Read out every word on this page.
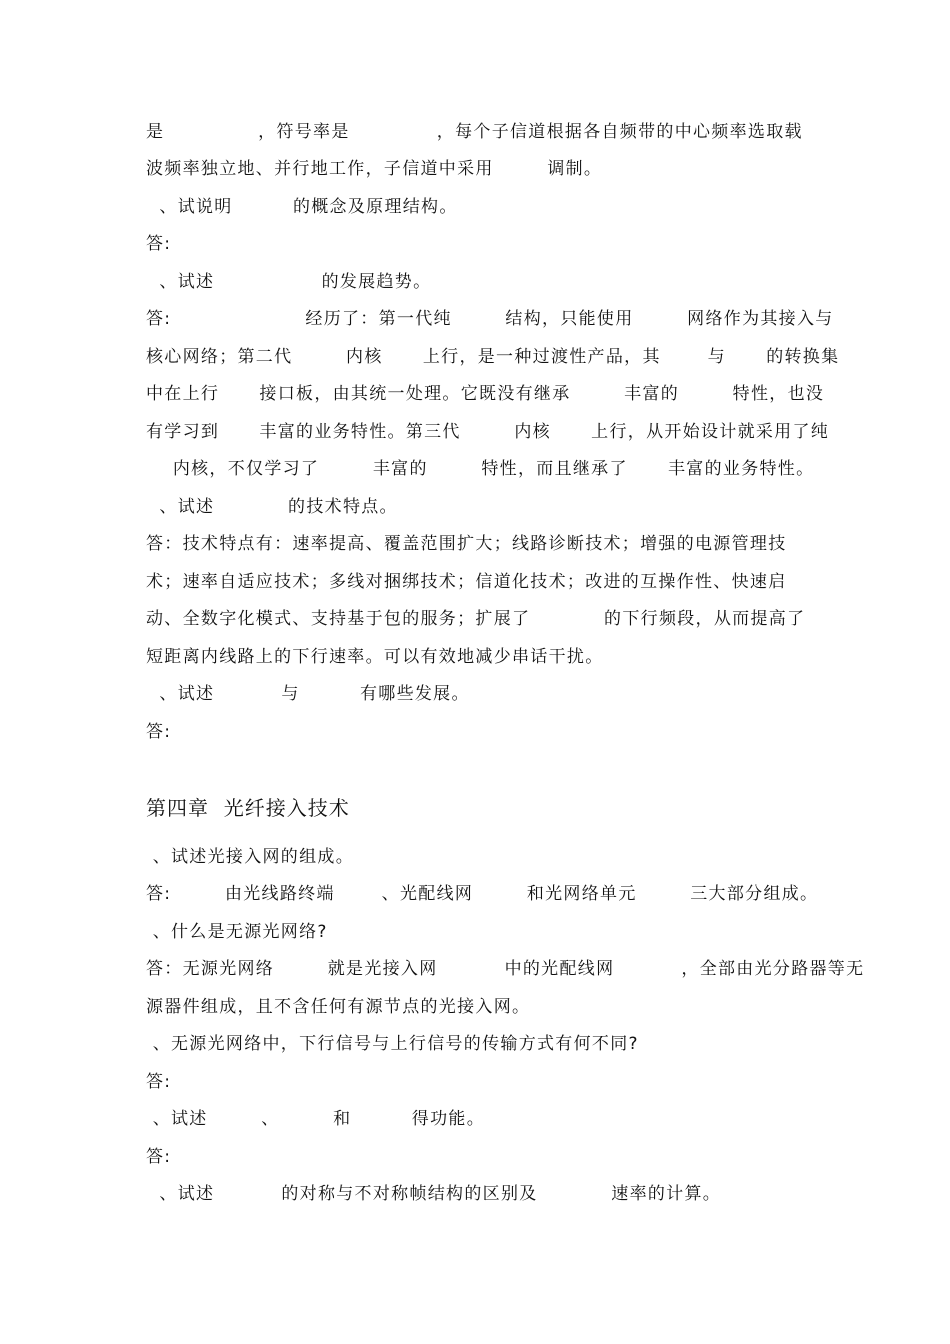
是              ，符号率是             ，每个子信道根据各自频带的中心频率选取载
波频率独立地、并行地工作，子信道中采用        调制。
、试说明         的概念及原理结构。
答:
、试述                的发展趋势。
答:                    经历了：第一代纯        结构，只能使用        网络作为其接入与
核心网络；第二代        内核      上行，是一种过渡性产品，其       与      的转换集
中在上行      接口板，由其统一处理。它既没有继承        丰富的        特性，也没
有学习到      丰富的业务特性。第三代        内核      上行，从开始设计就采用了纯
内核，不仅学习了        丰富的        特性，而且继承了      丰富的业务特性。
、试述           的技术特点。
答：技术特点有：速率提高、覆盖范围扩大；线路诊断技术；增强的电源管理技
术；速率自适应技术；多线对捆绑技术；信道化技术；改进的互操作性、快速启
动、全数字化模式、支持基于包的服务；扩展了           的下行频段，从而提高了
短距离内线路上的下行速率。可以有效地减少串话干扰。
、试述          与         有哪些发展。
答:
第四章  光纤接入技术
、试述光接入网的组成。
答:        由光线路终端       、光配线网        和光网络单元        三大部分组成。
、什么是无源光网络?
答：无源光网络        就是光接入网          中的光配线网          ，全部由光分路器等无
源器件组成，且不含任何有源节点的光接入网。
、无源光网络中，下行信号与上行信号的传输方式有何不同?
答:
、试述        、        和         得功能。
答:
、试述          的对称与不对称帧结构的区别及           速率的计算。
